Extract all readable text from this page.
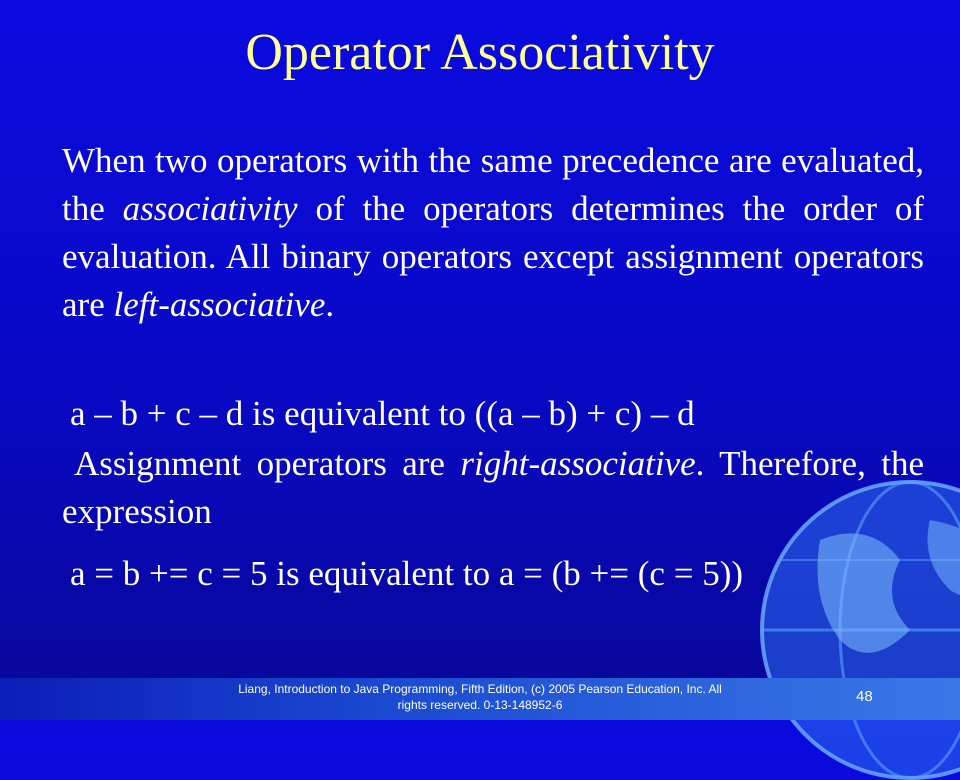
Operator Associativity
When two operators with the same precedence are evaluated, the associativity of the operators determines the order of evaluation. All binary operators except assignment operators are left-associative.
a – b + c – d is equivalent to ((a – b) + c) – d
Assignment operators are right-associative. Therefore, the expression
a = b += c = 5 is equivalent to a = (b += (c = 5))
Liang, Introduction to Java Programming, Fifth Edition, (c) 2005 Pearson Education, Inc. All
rights reserved. 0-13-148952-6	48
